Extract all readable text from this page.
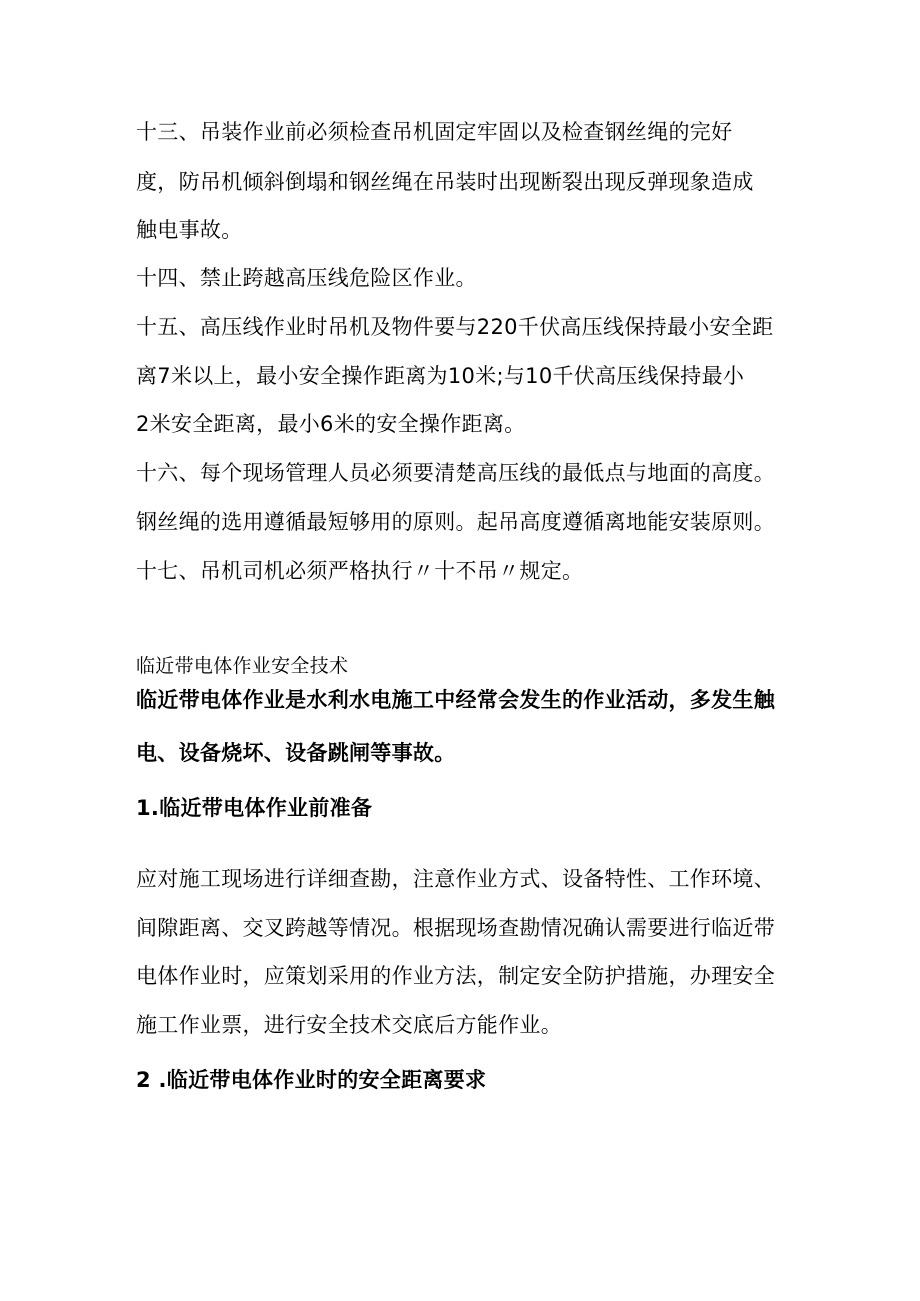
十三、吊装作业前必须检查吊机固定牢固以及检查钢丝绳的完好
度，防吊机倾斜倒塌和钢丝绳在吊装时出现断裂出现反弹现象造成
触电事故。
十四、禁止跨越高压线危险区作业。
十五、高压线作业时吊机及物件要与220千伏高压线保持最小安全距
离7米以上，最小安全操作距离为10米;与10千伏高压线保持最小
2米安全距离，最小6米的安全操作距离。
十六、每个现场管理人员必须要清楚高压线的最低点与地面的高度。
钢丝绳的选用遵循最短够用的原则。起吊高度遵循离地能安装原则。
十七、吊机司机必须严格执行〃十不吊〃规定。
临近带电体作业安全技术
临近带电体作业是水利水电施工中经常会发生的作业活动，多发生触
电、设备烧坏、设备跳闸等事故。
1.临近带电体作业前准备
应对施工现场进行详细查勘，注意作业方式、设备特性、工作环境、
间隙距离、交叉跨越等情况。根据现场查勘情况确认需要进行临近带
电体作业时，应策划采用的作业方法，制定安全防护措施，办理安全
施工作业票，进行安全技术交底后方能作业。
2 .临近带电体作业时的安全距离要求
